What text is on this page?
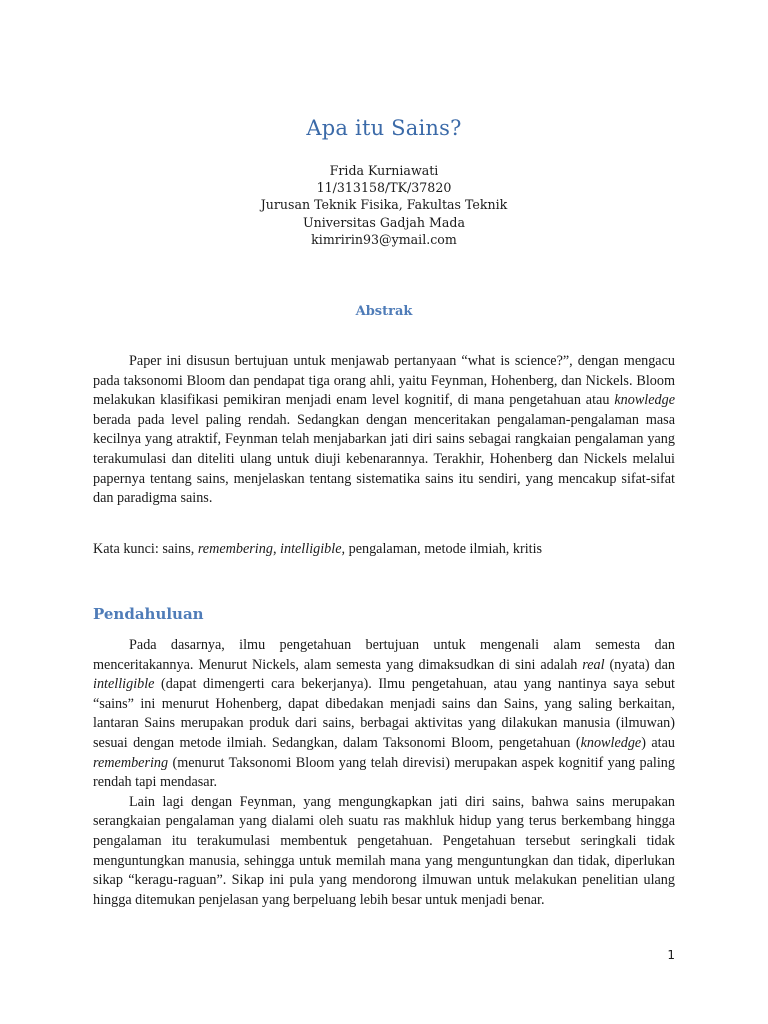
Apa itu Sains?
Frida Kurniawati
11/313158/TK/37820
Jurusan Teknik Fisika, Fakultas Teknik
Universitas Gadjah Mada
kimririn93@ymail.com
Abstrak

Paper ini disusun bertujuan untuk menjawab pertanyaan “what is science?”, dengan mengacu pada taksonomi Bloom dan pendapat tiga orang ahli, yaitu Feynman, Hohenberg, dan Nickels. Bloom melakukan klasifikasi pemikiran menjadi enam level kognitif, di mana pengetahuan atau knowledge berada pada level paling rendah. Sedangkan dengan menceritakan pengalaman-pengalaman masa kecilnya yang atraktif, Feynman telah menjabarkan jati diri sains sebagai rangkaian pengalaman yang terakumulasi dan diteliti ulang untuk diuji kebenarannya. Terakhir, Hohenberg dan Nickels melalui papernya tentang sains, menjelaskan tentang sistematika sains itu sendiri, yang mencakup sifat-sifat dan paradigma sains.

Kata kunci: sains, remembering, intelligible, pengalaman, metode ilmiah, kritis
Pendahuluan

Pada dasarnya, ilmu pengetahuan bertujuan untuk mengenali alam semesta dan menceritakannya. Menurut Nickels, alam semesta yang dimaksudkan di sini adalah real (nyata) dan intelligible (dapat dimengerti cara bekerjanya). Ilmu pengetahuan, atau yang nantinya saya sebut “sains” ini menurut Hohenberg, dapat dibedakan menjadi sains dan Sains, yang saling berkaitan, lantaran Sains merupakan produk dari sains, berbagai aktivitas yang dilakukan manusia (ilmuwan) sesuai dengan metode ilmiah. Sedangkan, dalam Taksonomi Bloom, pengetahuan (knowledge) atau remembering (menurut Taksonomi Bloom yang telah direvisi) merupakan aspek kognitif yang paling rendah tapi mendasar.

Lain lagi dengan Feynman, yang mengungkapkan jati diri sains, bahwa sains merupakan serangkaian pengalaman yang dialami oleh suatu ras makhluk hidup yang terus berkembang hingga pengalaman itu terakumulasi membentuk pengetahuan. Pengetahuan tersebut seringkali tidak menguntungkan manusia, sehingga untuk memilah mana yang menguntungkan dan tidak, diperlukan sikap “keragu-raguan”. Sikap ini pula yang mendorong ilmuwan untuk melakukan penelitian ulang hingga ditemukan penjelasan yang berpeluang lebih besar untuk menjadi benar.

1
